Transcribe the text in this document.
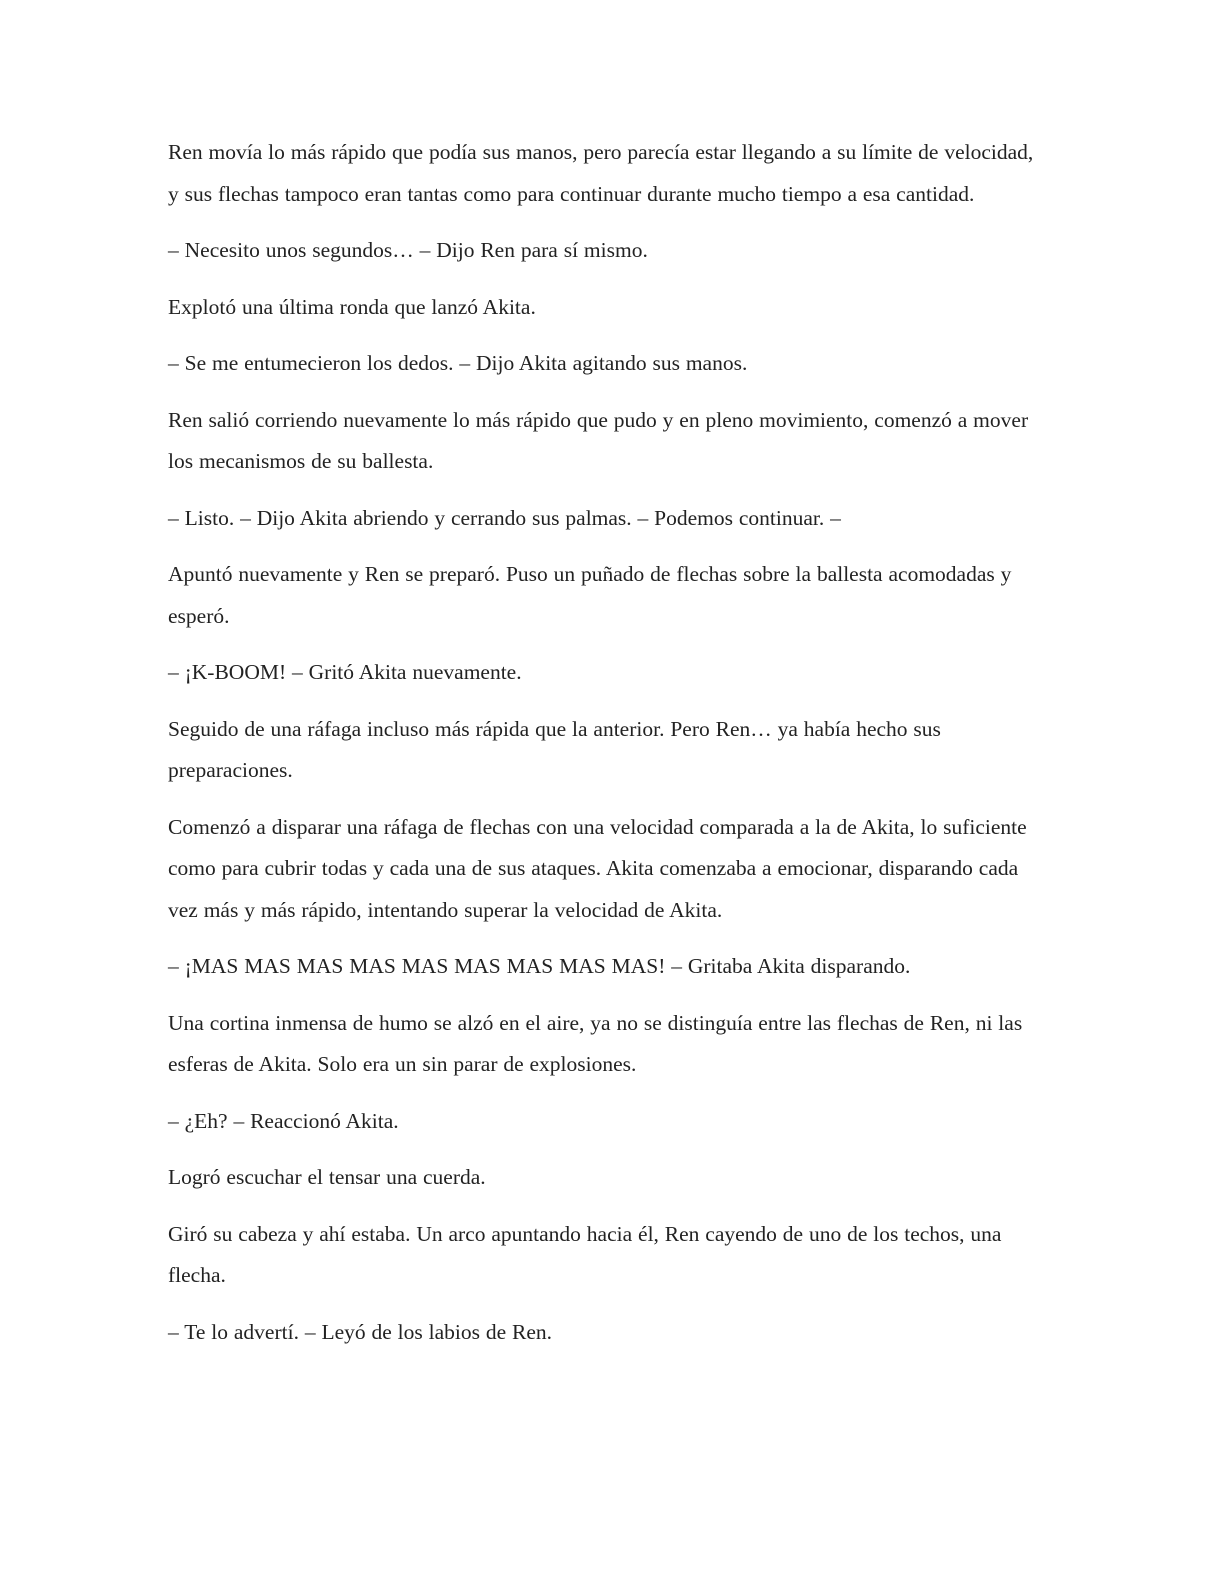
Ren movía lo más rápido que podía sus manos, pero parecía estar llegando a su límite de velocidad, y sus flechas tampoco eran tantas como para continuar durante mucho tiempo a esa cantidad.

– Necesito unos segundos… – Dijo Ren para sí mismo.

Explotó una última ronda que lanzó Akita.

– Se me entumecieron los dedos. – Dijo Akita agitando sus manos.

Ren salió corriendo nuevamente lo más rápido que pudo y en pleno movimiento, comenzó a mover los mecanismos de su ballesta.

– Listo. – Dijo Akita abriendo y cerrando sus palmas. – Podemos continuar. –

Apuntó nuevamente y Ren se preparó. Puso un puñado de flechas sobre la ballesta acomodadas y esperó.

– ¡K-BOOM! – Gritó Akita nuevamente.

Seguido de una ráfaga incluso más rápida que la anterior. Pero Ren… ya había hecho sus preparaciones.

Comenzó a disparar una ráfaga de flechas con una velocidad comparada a la de Akita, lo suficiente como para cubrir todas y cada una de sus ataques. Akita comenzaba a emocionar, disparando cada vez más y más rápido, intentando superar la velocidad de Akita.

– ¡MAS MAS MAS MAS MAS MAS MAS MAS MAS! – Gritaba Akita disparando.

Una cortina inmensa de humo se alzó en el aire, ya no se distinguía entre las flechas de Ren, ni las esferas de Akita. Solo era un sin parar de explosiones.

– ¿Eh? – Reaccionó Akita.

Logró escuchar el tensar una cuerda.

Giró su cabeza y ahí estaba. Un arco apuntando hacia él, Ren cayendo de uno de los techos, una flecha.

– Te lo advertí. – Leyó de los labios de Ren.
